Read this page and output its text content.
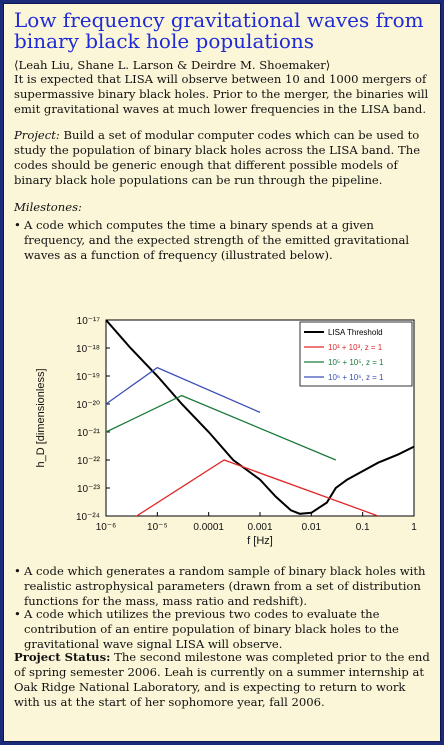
Low frequency gravitational waves from binary black hole populations
⟨Leah Liu, Shane L. Larson & Deirdre M. Shoemaker⟩
It is expected that LISA will observe between 10 and 1000 mergers of supermassive binary black holes. Prior to the merger, the binaries will emit gravitational waves at much lower frequencies in the LISA band.
Project: Build a set of modular computer codes which can be used to study the population of binary black holes across the LISA band. The codes should be generic enough that different possible models of binary black hole populations can be run through the pipeline.
Milestones:
• A code which computes the time a binary spends at a given frequency, and the expected strength of the emitted gravitational waves as a function of frequency (illustrated below).
10⁻⁶	10⁻⁵	0.0001 0.001	0.01	0.1	1
10⁻¹⁷
10⁻¹⁸
10⁻¹⁹
10⁻²⁰
10⁻²¹
10⁻²²
10⁻²³
10⁻²⁴
f [Hz]
h_D [dimensionless]
LISA Threshold
10³ + 10³, z = 1
10⁵ + 10⁵, z = 1
10⁶ + 10⁶, z = 1
• A code which generates a random sample of binary black holes with realistic astrophysical parameters (drawn from a set of distribution functions for the mass, mass ratio and redshift).
• A code which utilizes the previous two codes to evaluate the contribution of an entire population of binary black holes to the gravitational wave signal LISA will observe.
Project Status: The second milestone was completed prior to the end of spring semester 2006. Leah is currently on a summer internship at Oak Ridge National Laboratory, and is expecting to return to work with us at the start of her sophomore year, fall 2006.
